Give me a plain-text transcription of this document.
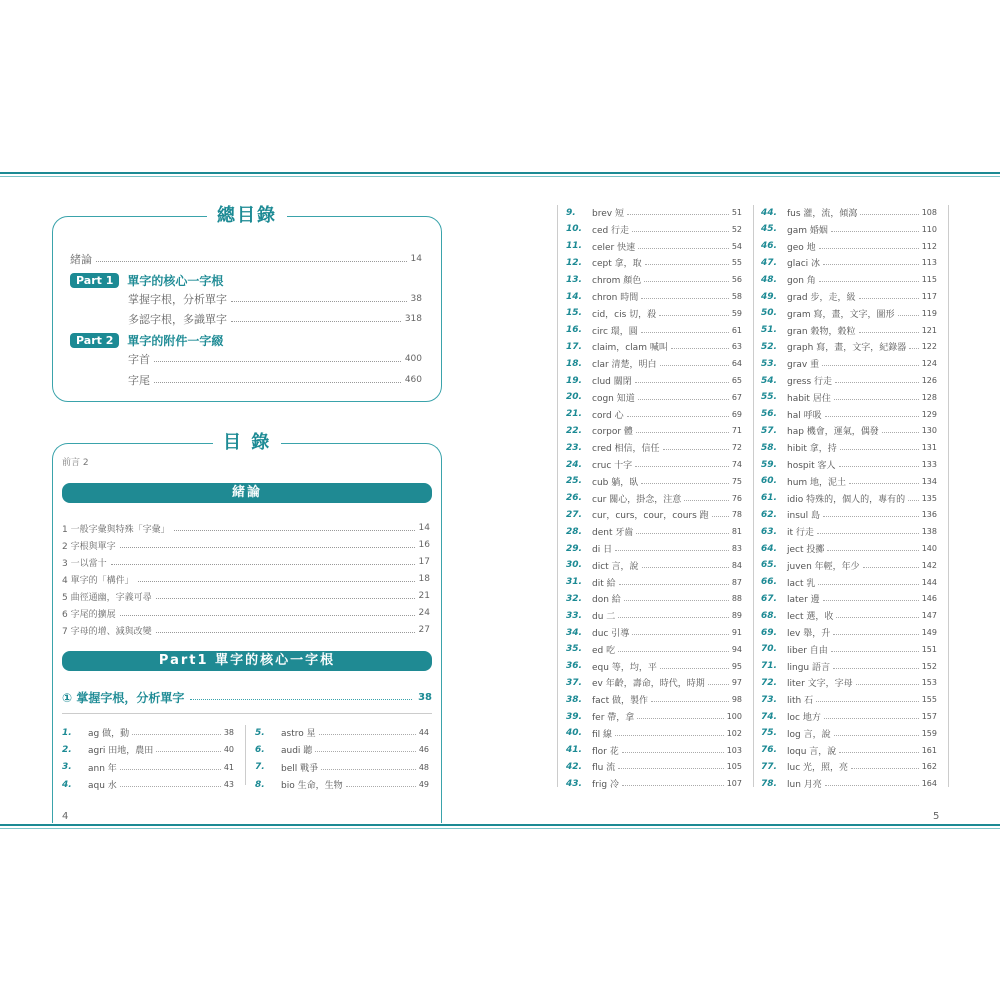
4	5
總目錄
緒論	14
Part 1	單字的核心一字根
掌握字根，分析單字	38
多認字根，多識單字	318
Part 2	單字的附件一字綴
字首	400
字尾	460
目 錄
前言 2
緒論
1 一般字彙與特殊「字彙」	14
2 字根與單字	16
3 一以當十	17
4 單字的「構件」	18
5 曲徑通幽，字義可尋	21
6 字尾的擴展	24
7 字母的增、減與改變	27
Part1 單字的核心一字根
① 掌握字根，分析單字	38
1.	ag 做，動	38
2.	agri 田地，農田	40
3.	ann 年	41
4.	aqu 水	43
5.	astro 星	44
6.	audi 聽	46
7.	bell 戰爭	48
8.	bio 生命，生物	49
9.	brev 短	51
10.	ced 行走	52
11.	celer 快速	54
12.	cept 拿，取	55
13.	chrom 顏色	56
14.	chron 時間	58
15.	cid，cis 切，殺	59
16.	circ 環，圓	61
17.	claim，clam 喊叫	63
18.	clar 清楚，明白	64
19.	clud 關閉	65
20.	cogn 知道	67
21.	cord 心	69
22.	corpor 體	71
23.	cred 相信，信任	72
24.	cruc 十字	74
25.	cub 躺，臥	75
26.	cur 關心，掛念，注意	76
27.	cur，curs，cour，cours 跑	78
28.	dent 牙齒	81
29.	di 日	83
30.	dict 言，說	84
31.	dit 給	87
32.	don 給	88
33.	du 二	89
34.	duc 引導	91
35.	ed 吃	94
36.	equ 等，均，平	95
37.	ev 年齡，壽命，時代，時期	97
38.	fact 做，製作	98
39.	fer 帶，拿	100
40.	fil 線	102
41.	flor 花	103
42.	flu 流	105
43.	frig 冷	107
44.	fus 灌，流，傾瀉	108
45.	gam 婚姻	110
46.	geo 地	112
47.	glaci 冰	113
48.	gon 角	115
49.	grad 步，走，級	117
50.	gram 寫，畫，文字，圖形	119
51.	gran 穀物，穀粒	121
52.	graph 寫，畫，文字，紀錄器 122
53.	grav 重	124
54.	gress 行走	126
55.	habit 居住	128
56.	hal 呼吸	129
57.	hap 機會，運氣，偶發	130
58.	hibit 拿，持	131
59.	hospit 客人	133
60.	hum 地，泥土	134
61.	idio 特殊的，個人的，專有的 135
62.	insul 島	136
63.	it 行走	138
64.	ject 投擲	140
65.	juven 年輕，年少	142
66.	lact 乳	144
67.	later 邊	146
68.	lect 選，收	147
69.	lev 舉，升	149
70.	liber 自由	151
71.	lingu 語言	152
72.	liter 文字，字母	153
73.	lith 石	155
74.	loc 地方	157
75.	log 言，說	159
76.	loqu 言，說	161
77.	luc 光，照，亮	162
78.	lun 月亮	164
